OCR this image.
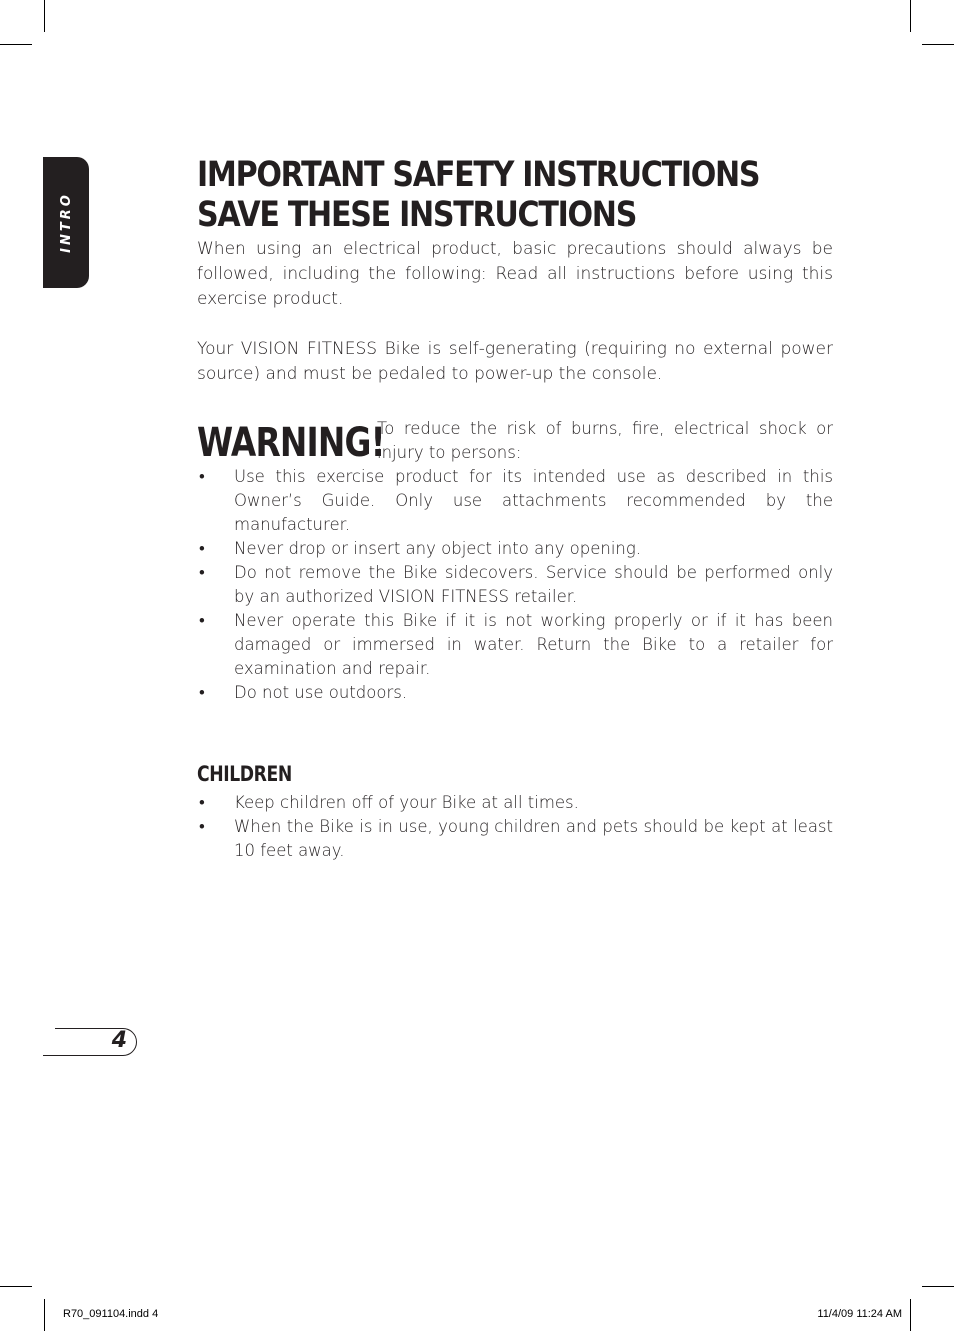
INTRO
IMPORTANT SAFETY INSTRUCTIONS
SAVE THESE INSTRUCTIONS

When using an electrical product, basic precautions should always be followed, including the following: Read all instructions before using this exercise product.

Your VISION FITNESS Bike is self-generating (requiring no external power source) and must be pedaled to power-up the console.

WARNING!
To reduce the risk of burns, fire, electrical shock or injury to persons:
• Use this exercise product for its intended use as described in this Owner’s Guide. Only use attachments recommended by the manufacturer.
• Never drop or insert any object into any opening.
• Do not remove the Bike sidecovers. Service should be performed only by an authorized VISION FITNESS retailer.
• Never operate this Bike if it is not working properly or if it has been damaged or immersed in water. Return the Bike to a retailer for examination and repair.
• Do not use outdoors.
CHILDREN
• Keep children off of your Bike at all times.
• When the Bike is in use, young children and pets should be kept at least 10 feet away.
4
R70_091104.indd 4	11/4/09 11:24 AM
